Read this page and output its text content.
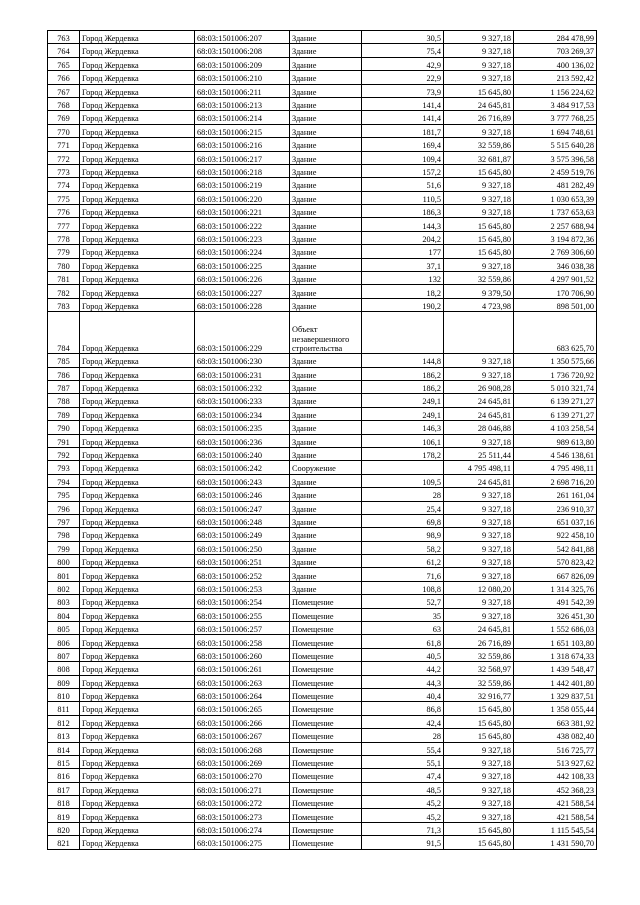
763	Город Жердевка	68:03:1501006:207	Здание	30,5	9 327,18	284 478,99
764	Город Жердевка	68:03:1501006:208	Здание	75,4	9 327,18	703 269,37
765	Город Жердевка	68:03:1501006:209	Здание	42,9	9 327,18	400 136,02
766	Город Жердевка	68:03:1501006:210	Здание	22,9	9 327,18	213 592,42
767	Город Жердевка	68:03:1501006:211	Здание	73,9	15 645,80	1 156 224,62
768	Город Жердевка	68:03:1501006:213	Здание	141,4	24 645,81	3 484 917,53
769	Город Жердевка	68:03:1501006:214	Здание	141,4	26 716,89	3 777 768,25
770	Город Жердевка	68:03:1501006:215	Здание	181,7	9 327,18	1 694 748,61
771	Город Жердевка	68:03:1501006:216	Здание	169,4	32 559,86	5 515 640,28
772	Город Жердевка	68:03:1501006:217	Здание	109,4	32 681,87	3 575 396,58
773	Город Жердевка	68:03:1501006:218	Здание	157,2	15 645,80	2 459 519,76
774	Город Жердевка	68:03:1501006:219	Здание	51,6	9 327,18	481 282,49
775	Город Жердевка	68:03:1501006:220	Здание	110,5	9 327,18	1 030 653,39
776	Город Жердевка	68:03:1501006:221	Здание	186,3	9 327,18	1 737 653,63
777	Город Жердевка	68:03:1501006:222	Здание	144,3	15 645,80	2 257 688,94
778	Город Жердевка	68:03:1501006:223	Здание	204,2	15 645,80	3 194 872,36
779	Город Жердевка	68:03:1501006:224	Здание	177	15 645,80	2 769 306,60
780	Город Жердевка	68:03:1501006:225	Здание	37,1	9 327,18	346 038,38
781	Город Жердевка	68:03:1501006:226	Здание	132	32 559,86	4 297 901,52
782	Город Жердевка	68:03:1501006:227	Здание	18,2	9 379,50	170 706,90
783	Город Жердевка	68:03:1501006:228	Здание	190,2	4 723,98	898 501,00
784	Город Жердевка	68:03:1501006:229	Объект незавершенного строительства			683 625,70
785	Город Жердевка	68:03:1501006:230	Здание	144,8	9 327,18	1 350 575,66
786	Город Жердевка	68:03:1501006:231	Здание	186,2	9 327,18	1 736 720,92
787	Город Жердевка	68:03:1501006:232	Здание	186,2	26 908,28	5 010 321,74
788	Город Жердевка	68:03:1501006:233	Здание	249,1	24 645,81	6 139 271,27
789	Город Жердевка	68:03:1501006:234	Здание	249,1	24 645,81	6 139 271,27
790	Город Жердевка	68:03:1501006:235	Здание	146,3	28 046,88	4 103 258,54
791	Город Жердевка	68:03:1501006:236	Здание	106,1	9 327,18	989 613,80
792	Город Жердевка	68:03:1501006:240	Здание	178,2	25 511,44	4 546 138,61
793	Город Жердевка	68:03:1501006:242	Сооружение		4 795 498,11	4 795 498,11
794	Город Жердевка	68:03:1501006:243	Здание	109,5	24 645,81	2 698 716,20
795	Город Жердевка	68:03:1501006:246	Здание	28	9 327,18	261 161,04
796	Город Жердевка	68:03:1501006:247	Здание	25,4	9 327,18	236 910,37
797	Город Жердевка	68:03:1501006:248	Здание	69,8	9 327,18	651 037,16
798	Город Жердевка	68:03:1501006:249	Здание	98,9	9 327,18	922 458,10
799	Город Жердевка	68:03:1501006:250	Здание	58,2	9 327,18	542 841,88
800	Город Жердевка	68:03:1501006:251	Здание	61,2	9 327,18	570 823,42
801	Город Жердевка	68:03:1501006:252	Здание	71,6	9 327,18	667 826,09
802	Город Жердевка	68:03:1501006:253	Здание	108,8	12 080,20	1 314 325,76
803	Город Жердевка	68:03:1501006:254	Помещение	52,7	9 327,18	491 542,39
804	Город Жердевка	68:03:1501006:255	Помещение	35	9 327,18	326 451,30
805	Город Жердевка	68:03:1501006:257	Помещение	63	24 645,81	1 552 686,03
806	Город Жердевка	68:03:1501006:258	Помещение	61,8	26 716,89	1 651 103,80
807	Город Жердевка	68:03:1501006:260	Помещение	40,5	32 559,86	1 318 674,33
808	Город Жердевка	68:03:1501006:261	Помещение	44,2	32 568,97	1 439 548,47
809	Город Жердевка	68:03:1501006:263	Помещение	44,3	32 559,86	1 442 401,80
810	Город Жердевка	68:03:1501006:264	Помещение	40,4	32 916,77	1 329 837,51
811	Город Жердевка	68:03:1501006:265	Помещение	86,8	15 645,80	1 358 055,44
812	Город Жердевка	68:03:1501006:266	Помещение	42,4	15 645,80	663 381,92
813	Город Жердевка	68:03:1501006:267	Помещение	28	15 645,80	438 082,40
814	Город Жердевка	68:03:1501006:268	Помещение	55,4	9 327,18	516 725,77
815	Город Жердевка	68:03:1501006:269	Помещение	55,1	9 327,18	513 927,62
816	Город Жердевка	68:03:1501006:270	Помещение	47,4	9 327,18	442 108,33
817	Город Жердевка	68:03:1501006:271	Помещение	48,5	9 327,18	452 368,23
818	Город Жердевка	68:03:1501006:272	Помещение	45,2	9 327,18	421 588,54
819	Город Жердевка	68:03:1501006:273	Помещение	45,2	9 327,18	421 588,54
820	Город Жердевка	68:03:1501006:274	Помещение	71,3	15 645,80	1 115 545,54
821	Город Жердевка	68:03:1501006:275	Помещение	91,5	15 645,80	1 431 590,70
